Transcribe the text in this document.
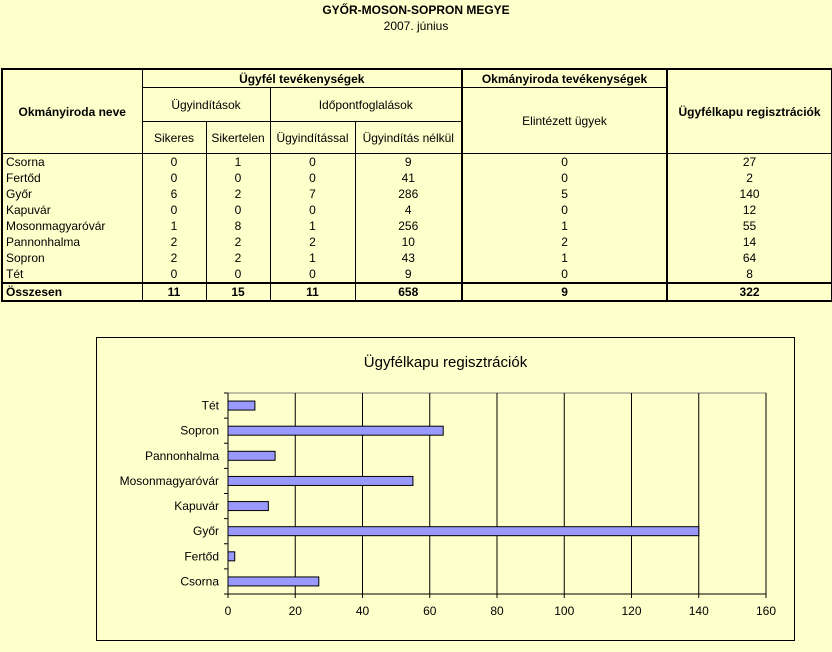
GYŐR-MOSON-SOPRON MEGYE
2007. június
Okmányiroda neve	Ügyfél tevékenységek				Okmányiroda tevékenységek	Ügyfélkapu regisztrációk
	Ügyindítások		Időpontfoglalások		Elintézett ügyek	
	Sikeres	Sikertelen	Ügyindítással	Ügyindítás nélkül		
Csorna	0	1	0	9	0	27
Fertőd	0	0	0	41	0	2
Győr	6	2	7	286	5	140
Kapuvár	0	0	0	4	0	12
Mosonmagyaróvár	1	8	1	256	1	55
Pannonhalma	2	2	2	10	2	14
Sopron	2	2	1	43	1	64
Tét	0	0	0	9	0	8
Összesen	11	15	11	658	9	322
Ügyfélkapu regisztrációk
0	20	40	60	80	100	120	140	160
Tét
Sopron
Pannonhalma
Mosonmagyaróvár
Kapuvár
Győr
Fertőd
Csorna
